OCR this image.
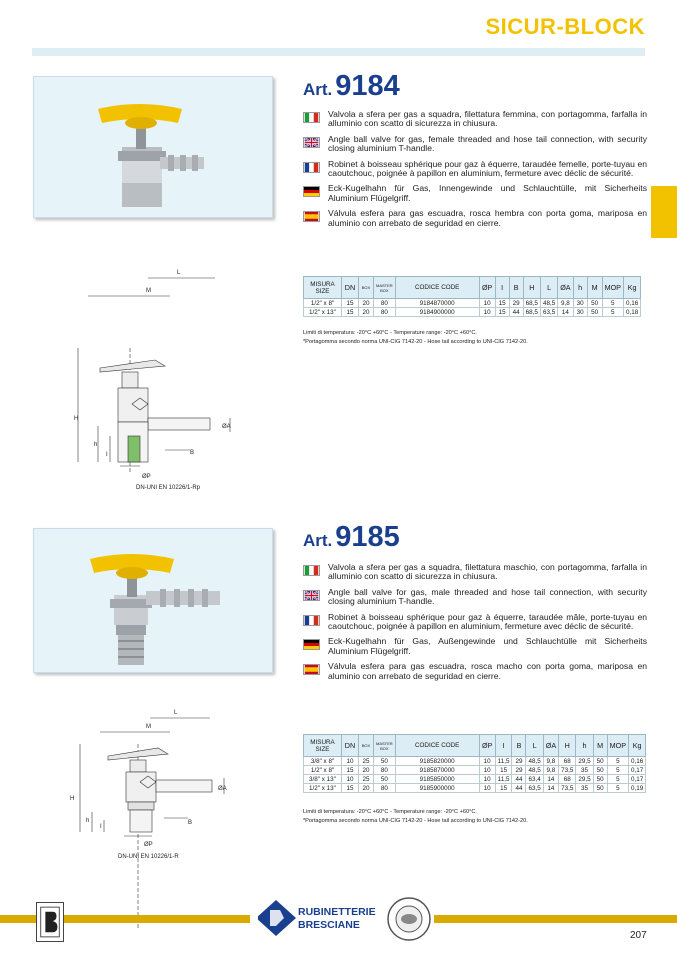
SICUR-BLOCK
Art. 9184
Valvola a sfera per gas a squadra, filettatura femmina, con portagomma, farfalla in alluminio con scatto di sicurezza in chiusura.
Angle ball valve for gas, female threaded and hose tail connection, with security closing aluminium T-handle.
Robinet à boisseau sphérique pour gaz à équerre, taraudée femelle, porte-tuyau en caoutchouc, poignée à papillon en aluminium, fermeture avec déclic de sécurité.
Eck-Kugelhahn für Gas, Innengewinde und Schlauchtülle, mit Sicherheits Aluminium Flügelgriff.
Válvula esfera para gas escuadra, rosca hembra con porta goma, mariposa en aluminio con arrebato de seguridad en cierre.
L
M
H
h
I	B
ØA
ØP
DN-UNI EN 10226/1-Rp
MISURA SIZE	DN	BOX	MASTER BOX	CODICE CODE	ØP	I	B	H	L	ØA	h	M	MOP	Kg
1/2" x 8"	15	20	80	9184870000	10	15	29	68,5	48,5	9,8	30	50	5	0,16
1/2" x 13"	15	20	80	9184900000	10	15	44	68,5	63,5	14	30	50	5	0,18
Limiti di temperatura: -20°C +60°C - Temperature range: -20°C +60°C.
*Portagomma secondo norma UNI-CIG 7142-20 - Hose tail according to UNI-CIG 7142-20.
Art. 9185
Valvola a sfera per gas a squadra, filettatura maschio, con portagomma, farfalla in alluminio con scatto di sicurezza in chiusura.
Angle ball valve for gas, male threaded and hose tail connection, with security closing aluminium T-handle.
Robinet à boisseau sphérique pour gaz à équerre, taraudée mâle, porte-tuyau en caoutchouc, poignée à papillon en aluminium, fermeture avec déclic de sécurité.
Eck-Kugelhahn für Gas, Außengewinde und Schlauchtülle mit Sicherheits Aluminium Flügelgriff.
Válvula esfera para gas escuadra, rosca macho con porta goma, mariposa en aluminio con arrebato de seguridad en cierre.
L
M
H
h
I
B
ØA
ØP
DN-UNI EN 10226/1-R
MISURA SIZE	DN	BOX	MASTER BOX	CODICE CODE	ØP	I	B	L	ØA	H	h	M	MOP	Kg
3/8" x 8"	10	25	50	9185820000	10	11,5	29	48,5	9,8	68	29,5	50	5	0,16
1/2" x 8"	15	20	80	9185870000	10	15	29	48,5	9,8	73,5	35	50	5	0,17
3/8" x 13"	10	25	50	9185850000	10	11,5	44	63,4	14	68	29,5	50	5	0,17
1/2" x 13"	15	20	80	9185900000	10	15	44	63,5	14	73,5	35	50	5	0,19
Limiti di temperatura: -20°C +60°C - Temperature range: -20°C +60°C.
*Portagomma secondo norma UNI-CIG 7142-20 - Hose tail according to UNI-CIG 7142-20.
RUBINETTERIE
BRESCIANE
207
